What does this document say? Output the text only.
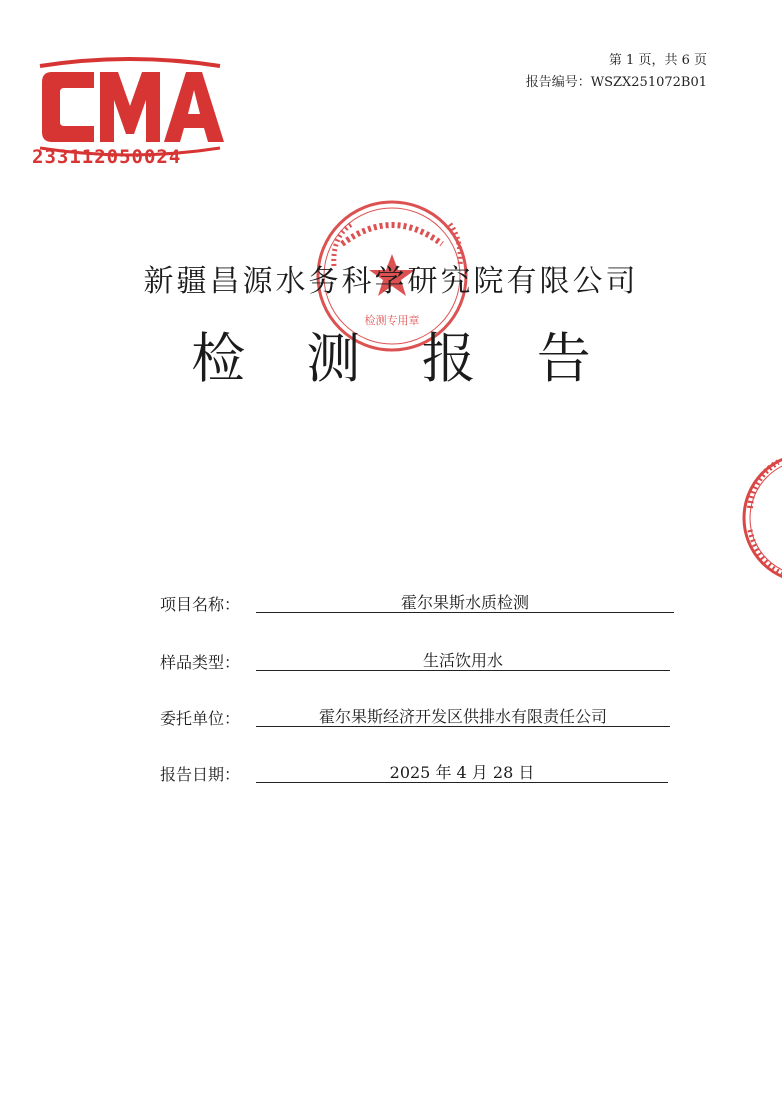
第 1 页，共 6 页
报告编号：WSZX251072B01
233112050024
检测专用章
新疆昌源水务科学研究院有限公司
检 测 报 告
项目名称：	霍尔果斯水质检测
样品类型：	生活饮用水
委托单位：	霍尔果斯经济开发区供排水有限责任公司
报告日期：	2025 年 4 月 28 日
